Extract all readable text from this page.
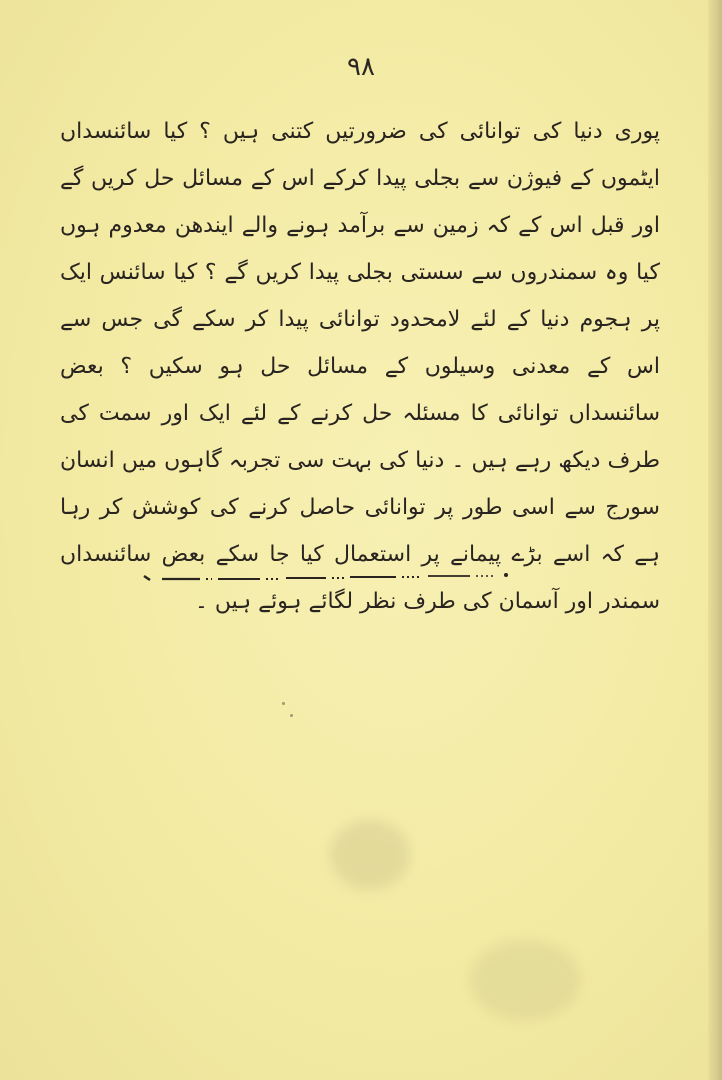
۹۸
پوری دنیا کی توانائی کی ضرورتیں کتنی ہیں ؟ کیا سائنسداں ایٹموں کے فیوژن سے بجلی پیدا کرکے اس کے مسائل حل کریں گے اور قبل اس کے کہ زمین سے برآمد ہونے والے ایندھن معدوم ہوں کیا وہ سمندروں سے سستی بجلی پیدا کریں گے ؟ کیا سائنس ایک پر ہجوم دنیا کے لئے لامحدود توانائی پیدا کر سکے گی جس سے اس کے معدنی وسیلوں کے مسائل حل ہو سکیں ؟ بعض سائنسداں توانائی کا مسئلہ حل کرنے کے لئے ایک اور سمت کی طرف دیکھ رہے ہیں ۔ دنیا کی بہت سی تجربہ گاہوں میں انسان سورج سے اسی طور پر توانائی حاصل کرنے کی کوشش کر رہا ہے کہ اسے بڑے پیمانے پر استعمال کیا جا سکے بعض سائنسداں سمندر اور آسمان کی طرف نظر لگائے ہوئے ہیں ۔
